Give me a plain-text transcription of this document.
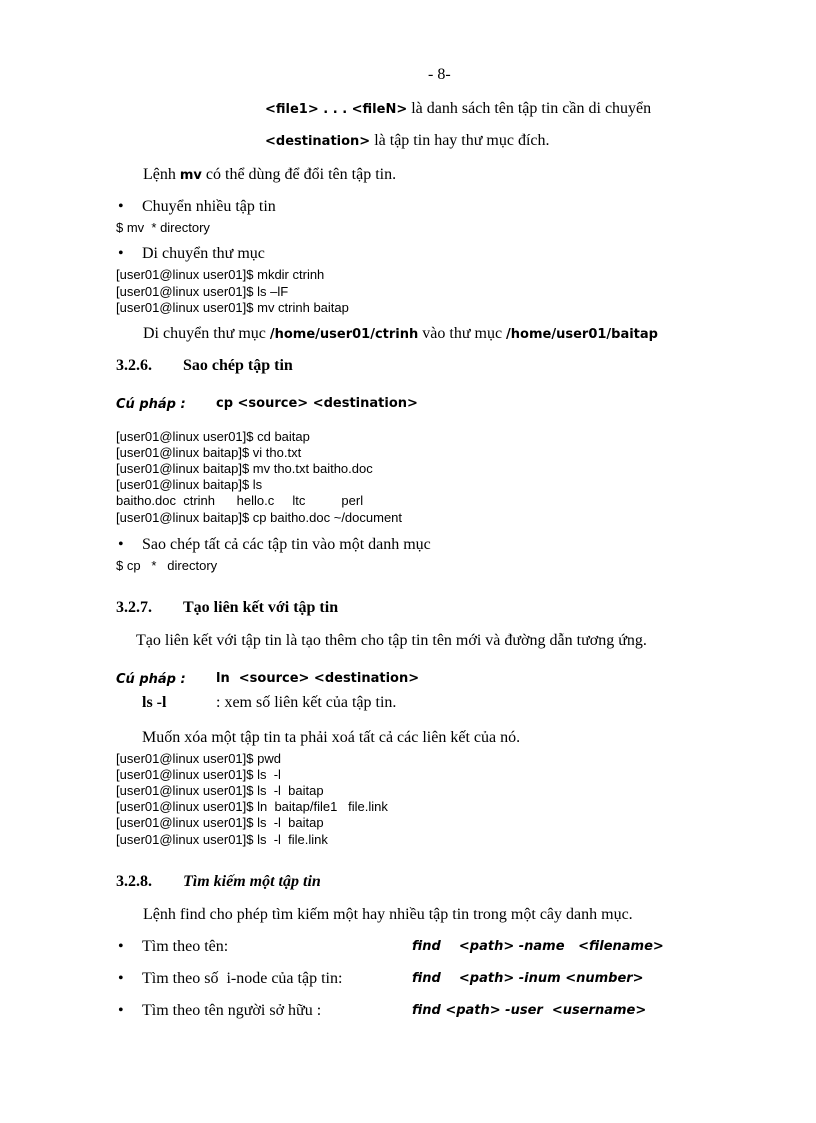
- 8-
<file1> . . . <fileN> là danh sách tên tập tin cần di chuyển
<destination> là tập tin hay thư mục đích.
Lệnh mv có thể dùng để đổi tên tập tin.
• Chuyển nhiều tập tin
$ mv  * directory
• Di chuyển thư mục
[user01@linux user01]$ mkdir ctrinh
[user01@linux user01]$ ls –lF
[user01@linux user01]$ mv ctrinh baitap
Di chuyển thư mục /home/user01/ctrinh vào thư mục /home/user01/baitap
3.2.6. Sao chép tập tin
Cú pháp : cp <source> <destination>
[user01@linux user01]$ cd baitap
[user01@linux baitap]$ vi tho.txt
[user01@linux baitap]$ mv tho.txt baitho.doc
[user01@linux baitap]$ ls
baitho.doc  ctrinh      hello.c     ltc          perl
[user01@linux baitap]$ cp baitho.doc ~/document
• Sao chép tất cả các tập tin vào một danh mục
$ cp   *   directory
3.2.7. Tạo liên kết với tập tin
Tạo liên kết với tập tin là tạo thêm cho tập tin tên mới và đường dẫn tương ứng.
Cú pháp : ln  <source> <destination>
ls -l	: xem số liên kết của tập tin.
Muốn xóa một tập tin ta phải xoá tất cả các liên kết của nó.
[user01@linux user01]$ pwd
[user01@linux user01]$ ls  -l
[user01@linux user01]$ ls  -l  baitap
[user01@linux user01]$ ln  baitap/file1   file.link
[user01@linux user01]$ ls  -l  baitap
[user01@linux user01]$ ls  -l  file.link
3.2.8. Tìm kiếm một tập tin
Lệnh find cho phép tìm kiếm một hay nhiều tập tin trong một cây danh mục.
• Tìm theo tên:	find    <path> -name   <filename>
• Tìm theo số  i-node của tập tin:	find    <path> -inum <number>
• Tìm theo tên người sở hữu :	find <path> -user  <username>
